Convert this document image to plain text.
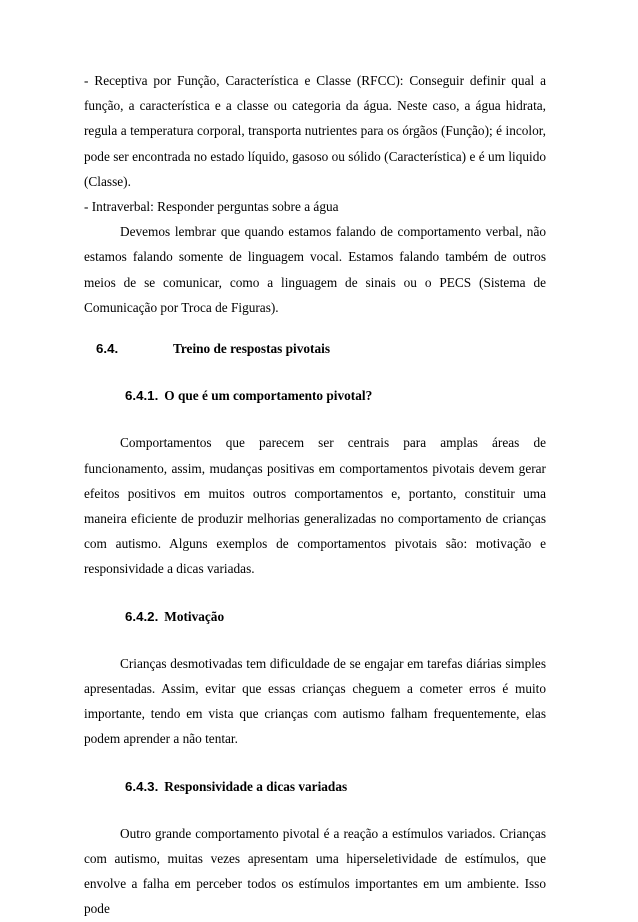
- Receptiva por Função, Característica e Classe (RFCC): Conseguir definir qual a função, a característica e a classe ou categoria da água. Neste caso, a água hidrata, regula a temperatura corporal, transporta nutrientes para os órgãos (Função); é incolor, pode ser encontrada no estado líquido, gasoso ou sólido (Característica) e é um liquido (Classe).

- Intraverbal: Responder perguntas sobre a água

Devemos lembrar que quando estamos falando de comportamento verbal, não estamos falando somente de linguagem vocal. Estamos falando também de outros meios de se comunicar, como a linguagem de sinais ou o PECS (Sistema de Comunicação por Troca de Figuras).

6.4.	Treino de respostas pivotais
6.4.1. O que é um comportamento pivotal?

Comportamentos que parecem ser centrais para amplas áreas de funcionamento, assim, mudanças positivas em comportamentos pivotais devem gerar efeitos positivos em muitos outros comportamentos e, portanto, constituir uma maneira eficiente de produzir melhorias generalizadas no comportamento de crianças com autismo. Alguns exemplos de comportamentos pivotais são: motivação e responsividade a dicas variadas.

6.4.2. Motivação

Crianças desmotivadas tem dificuldade de se engajar em tarefas diárias simples apresentadas. Assim, evitar que essas crianças cheguem a cometer erros é muito importante, tendo em vista que crianças com autismo falham frequentemente, elas podem aprender a não tentar.

6.4.3. Responsividade a dicas variadas

Outro grande comportamento pivotal é a reação a estímulos variados. Crianças com autismo, muitas vezes apresentam uma hiperseletividade de estímulos, que envolve a falha em perceber todos os estímulos importantes em um ambiente. Isso pode
